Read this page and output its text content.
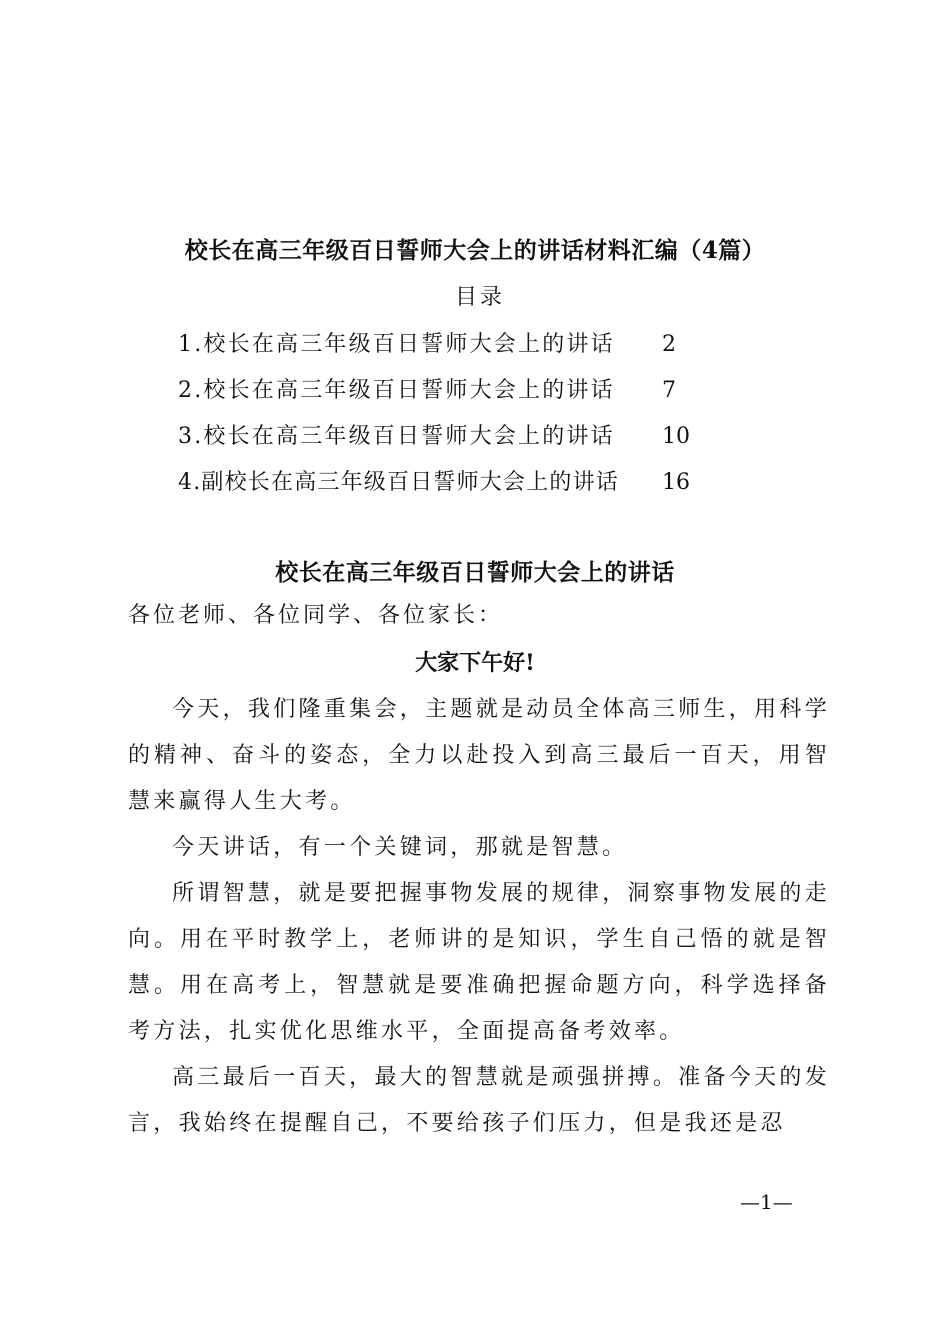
校长在高三年级百日誓师大会上的讲话材料汇编（4篇）
目录
1.校长在高三年级百日誓师大会上的讲话 2
2.校长在高三年级百日誓师大会上的讲话 7
3.校长在高三年级百日誓师大会上的讲话 10
4.副校长在高三年级百日誓师大会上的讲话 16
校长在高三年级百日誓师大会上的讲话
各位老师、各位同学、各位家长：
大家下午好!

今天，我们隆重集会，主题就是动员全体高三师生，用科学的精神、奋斗的姿态，全力以赴投入到高三最后一百天，用智慧来赢得人生大考。

今天讲话，有一个关键词，那就是智慧。

所谓智慧，就是要把握事物发展的规律，洞察事物发展的走向。用在平时教学上，老师讲的是知识，学生自己悟的就是智慧。用在高考上，智慧就是要准确把握命题方向，科学选择备考方法，扎实优化思维水平，全面提高备考效率。

高三最后一百天，最大的智慧就是顽强拼搏。准备今天的发言，我始终在提醒自己，不要给孩子们压力，但是我还是忍

—1—
